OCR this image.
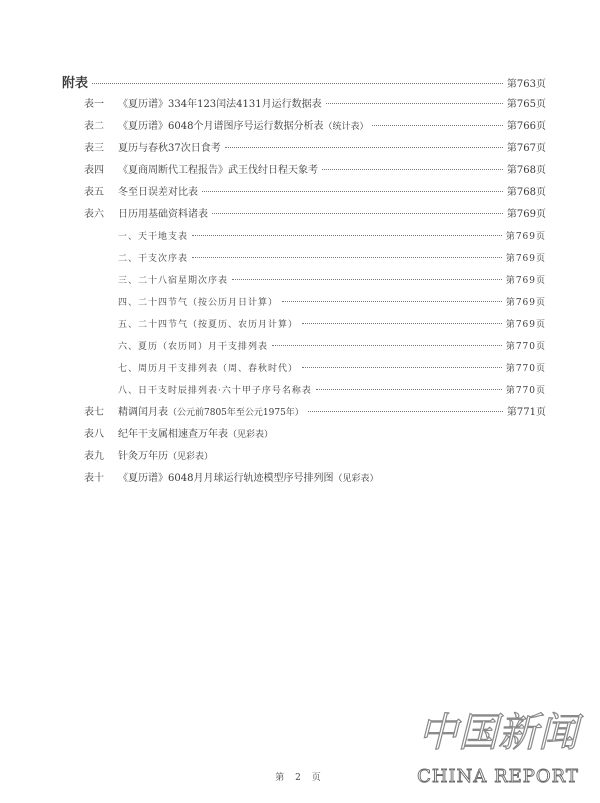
附表	第763页
表一	《夏历谱》334年123闰法4131月运行数据表	第765页
表二	《夏历谱》6048个月谱图序号运行数据分析表（统计表）	第766页
表三	夏历与春秋37次日食考	第767页
表四	《夏商周断代工程报告》武王伐纣日程天象考	第768页
表五	冬至日误差对比表	第768页
表六	日历用基础资料诸表	第769页
一、天干地支表	第769页
二、干支次序表	第769页
三、二十八宿星期次序表	第769页
四、二十四节气（按公历月日计算）	第769页
五、二十四节气（按夏历、农历月计算）	第769页
六、夏历（农历同）月干支排列表	第770页
七、周历月干支排列表（周、春秋时代）	第770页
八、日干支时辰排列表·六十甲子序号名称表	第770页
表七	精调闰月表（公元前7805年至公元1975年）	第771页
表八	纪年干支属相速查万年表（见彩表）
表九	针灸万年历（见彩表）
表十	《夏历谱》6048月月球运行轨迹模型序号排列图（见彩表）
中国新闻
CHINA REPORT
第 2 页
